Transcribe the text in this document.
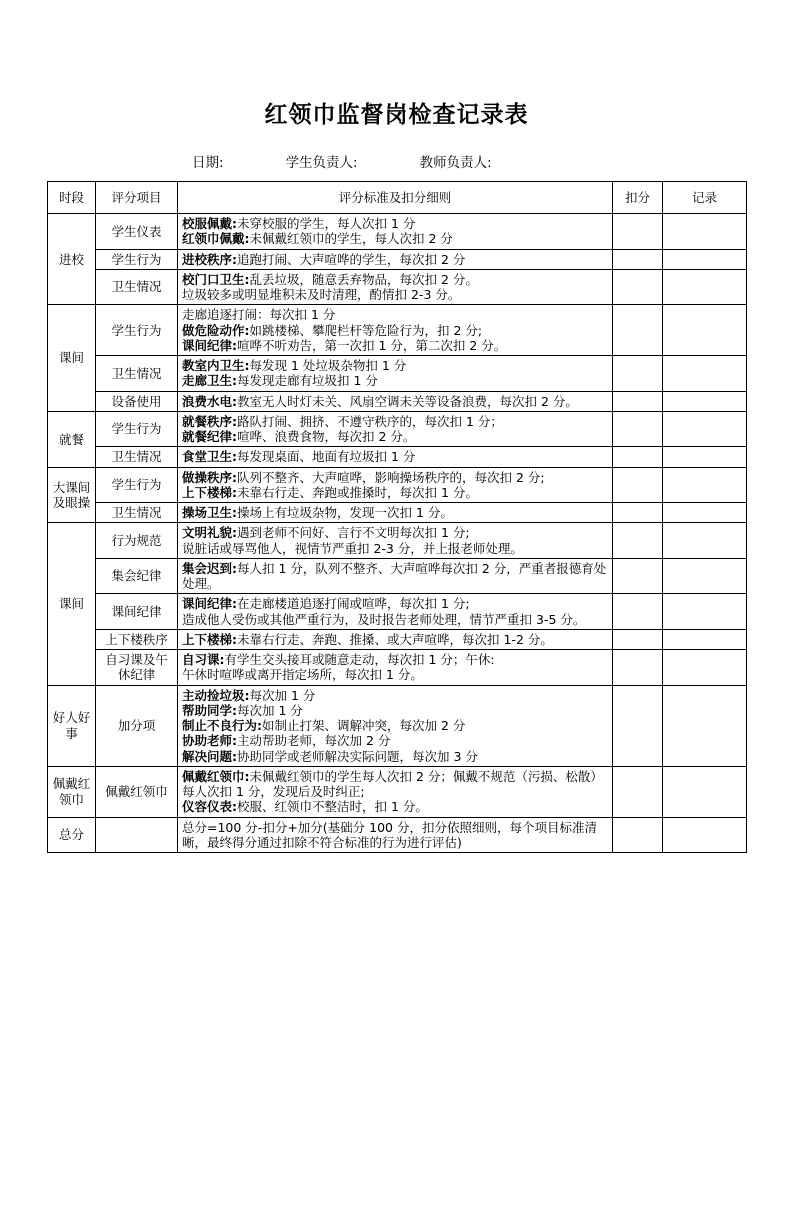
红领巾监督岗检查记录表
日期:	学生负责人:	教师负责人:
时段	评分项目	评分标准及扣分细则	扣分	记录
进校	学生仪表	校服佩戴:未穿校服的学生，每人次扣 1 分
红领巾佩戴:未佩戴红领巾的学生，每人次扣 2 分		

	学生行为	进校秩序:追跑打闹、大声喧哗的学生，每次扣 2 分		

	卫生情况	校门口卫生:乱丢垃圾，随意丢弃物品，每次扣 2 分。
垃圾较多或明显堆积未及时清理，酌情扣 2-3 分。		

课间	学生行为	走廊追逐打闹：每次扣 1 分
做危险动作:如跳楼梯、攀爬栏杆等危险行为，扣 2 分;
课间纪律:喧哗不听劝告，第一次扣 1 分，第二次扣 2 分。		

	卫生情况	教室内卫生:每发现 1 处垃圾杂物扣 1 分
走廊卫生:每发现走廊有垃圾扣 1 分		

	设备使用	浪费水电:教室无人时灯未关、风扇空调未关等设备浪费，每次扣 2 分。		

就餐	学生行为	就餐秩序:路队打闹、拥挤、不遵守秩序的，每次扣 1 分；
就餐纪律:喧哗、浪费食物，每次扣 2 分。		

	卫生情况	食堂卫生:每发现桌面、地面有垃圾扣 1 分		

大课间及眼操	学生行为	做操秩序:队列不整齐、大声喧哗，影响操场秩序的，每次扣 2 分;
上下楼梯:未靠右行走、奔跑或推搡时，每次扣 1 分。		

	卫生情况	操场卫生:操场上有垃圾杂物，发现一次扣 1 分。		

课间	行为规范	文明礼貌:遇到老师不问好、言行不文明每次扣 1 分;
说脏话或辱骂他人，视情节严重扣 2-3 分，并上报老师处理。		

	集会纪律	集会迟到:每人扣 1 分，队列不整齐、大声喧哗每次扣 2 分，严重者报德育处处理。		

	课间纪律	课间纪律:在走廊楼道追逐打闹或喧哗，每次扣 1 分;
造成他人受伤或其他严重行为，及时报告老师处理，情节严重扣 3-5 分。		

	上下楼秩序	上下楼梯:未靠右行走、奔跑、推搡、或大声喧哗，每次扣 1-2 分。		

	自习课及午休纪律	自习课:有学生交头接耳或随意走动，每次扣 1 分；午休:
午休时喧哗或离开指定场所，每次扣 1 分。		

好人好事	加分项	主动捡垃圾:每次加 1 分
帮助同学:每次加 1 分
制止不良行为:如制止打架、调解冲突，每次加 2 分
协助老师:主动帮助老师，每次加 2 分
解决问题:协助同学或老师解决实际问题，每次加 3 分		

佩戴红领巾	佩戴红领巾	佩戴红领巾:未佩戴红领巾的学生每人次扣 2 分；佩戴不规范（污损、松散）每人次扣 1 分，发现后及时纠正;
仪容仪表:校服、红领巾不整洁时，扣 1 分。		

总分		总分=100 分-扣分+加分(基础分 100 分，扣分依照细则，每个项目标准清晰，最终得分通过扣除不符合标准的行为进行评估)		
